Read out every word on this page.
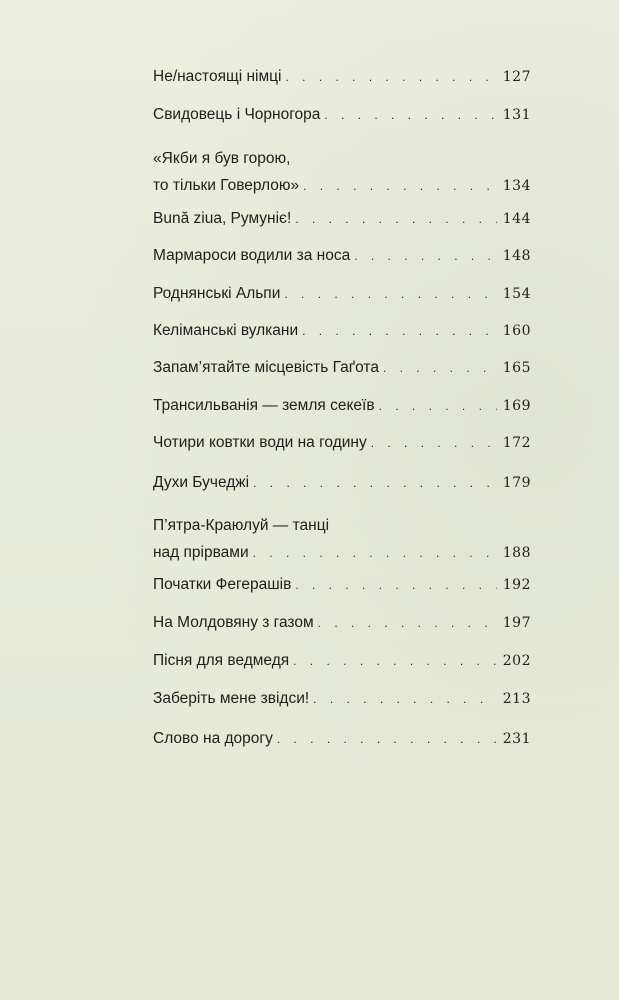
Не/настоящі німці . . .	127
Свидовець і Чорногора . . .	131
«Якби я був горою,
то тільки Говерлою» . . .	134
Bună ziua, Румуніє! . . .	144
Мармароси водили за носа . . .	148
Роднянські Альпи . . .	154
Келіманські вулкани . . .	160
Запам’ятайте місцевість Гаґота . . .	165
Трансильванія — земля секеїв . . .	169
Чотири ковтки води на годину . . .	172
Духи Бучеджі . . .	179
П’ятра-Краюлуй — танці
над прірвами . . .	188
Початки Фегерашів . . .	192
На Молдовяну з газом . . .	197
Пісня для ведмедя . . .	202
Заберіть мене звідси! . . .	213
Слово на дорогу . . .	231
